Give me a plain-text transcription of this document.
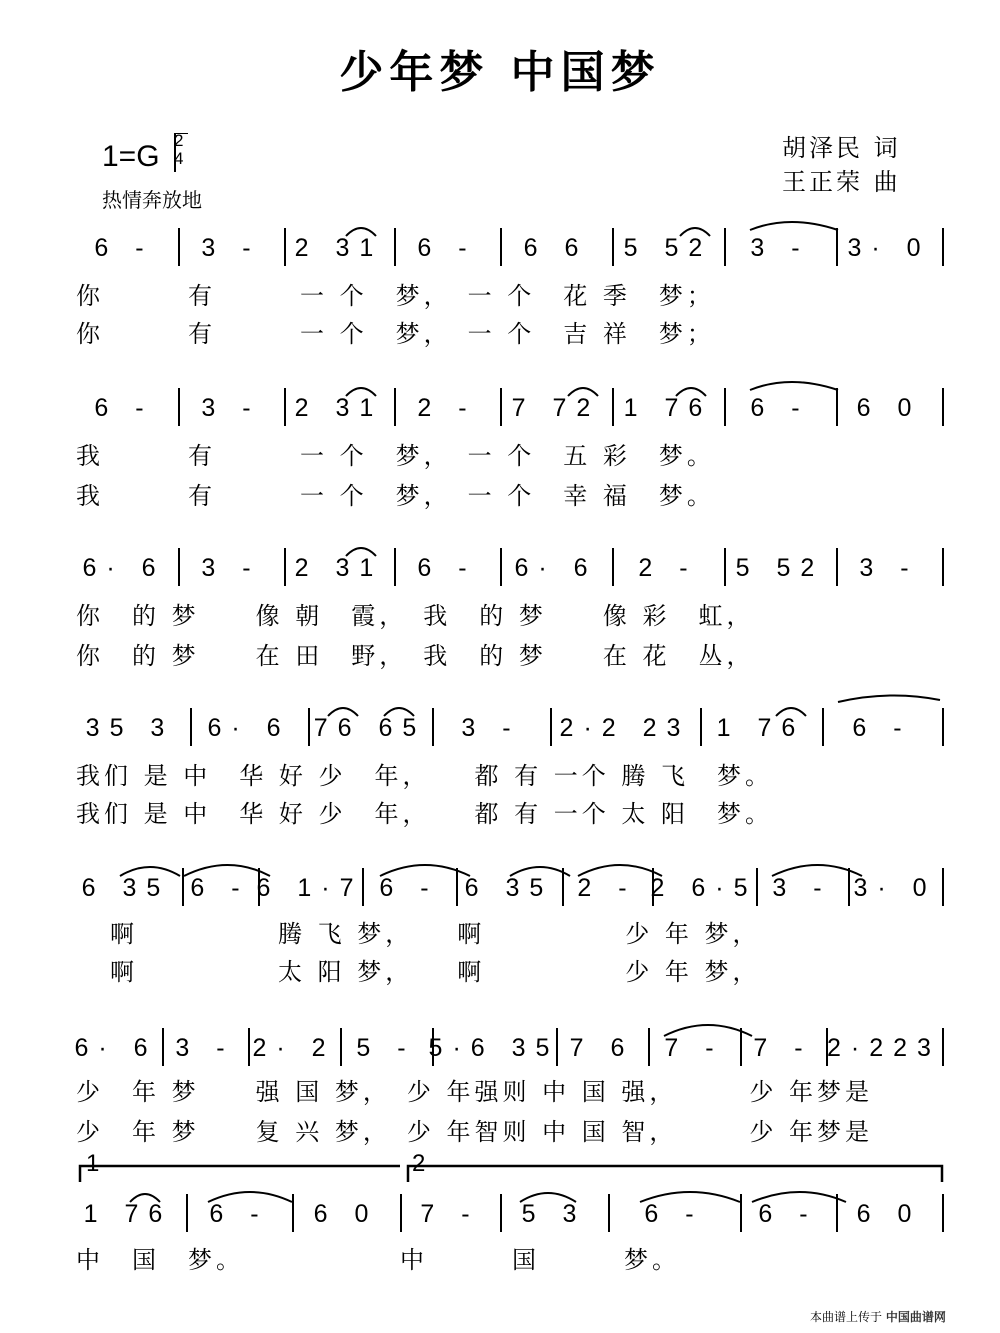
少年梦 中国梦
1=G 2
4
热情奔放地
胡泽民 词
王正荣 曲
6 - 3 - 2 31 6 - 6 6 5 52 3 - 3· 0
你　　　有　　　一 个　梦，　一 个　花 季　梦；
你　　　有　　　一 个　梦，　一 个　吉 祥　梦；
6 - 3 - 2 31 2 - 7 72 1 76 6 - 6 0
我　　　有　　　一 个　梦，　一 个　五 彩　梦。
我　　　有　　　一 个　梦，　一 个　幸 福　梦。
6· 6 3 - 2 31 6 - 6· 6 2 - 5 52 3 -
你　的 梦　　像 朝　霞，　我　的 梦　　像 彩　虹，
你　的 梦　　在 田　野，　我　的 梦　　在 花　丛，
35 3 6· 6 76 65 3 - 2·2 23 1 76 6 -
我们 是 中　华 好 少　年，　　都 有 一个 腾 飞　梦。
我们 是 中　华 好 少　年，　　都 有 一个 太 阳　梦。
6 35 6 - 6 1·7 6 - 6 35 2 - 2 6·5 3 - 3· 0
啊　　　　　腾 飞 梦，　　啊　　　　　少 年 梦，
啊　　　　　太 阳 梦，　　啊　　　　　少 年 梦，
6· 6 3 - 2· 2 5 - 5·6 35 7 6 7 - 7 - 2·223
少　年 梦　　强 国 梦，　少 年强则 中 国 强，　　　少 年梦是
少　年 梦　　复 兴 梦，　少 年智则 中 国 智，　　　少 年梦是
1 76 6 - 6 0 7 - 5 3 6 - 6 - 6 0
1	2
中　国　梦。　　　　　　中　　　国　　　梦。
本曲谱上传于 中国曲谱网
